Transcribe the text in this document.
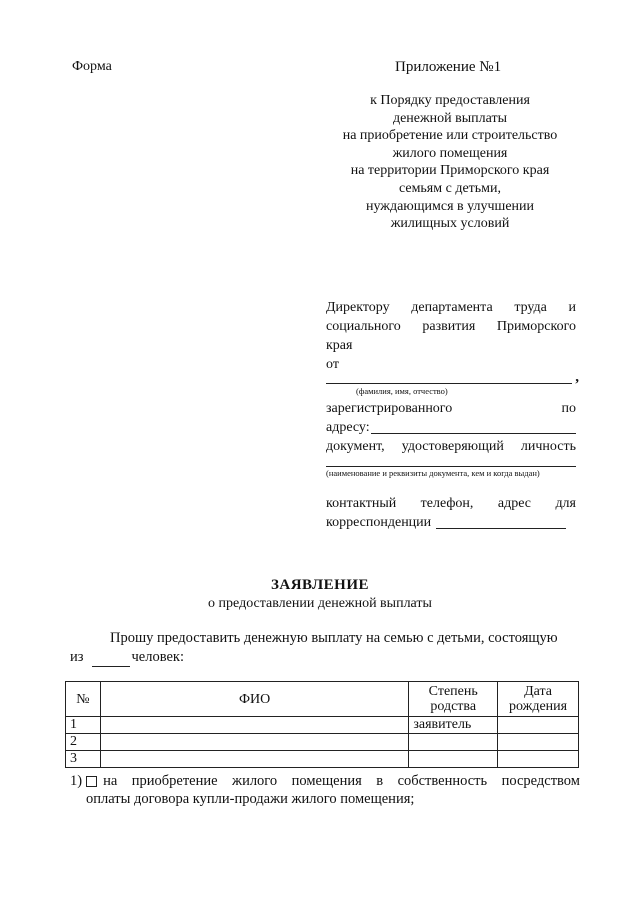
Форма	Приложение №1
к Порядку предоставления
денежной выплаты
на приобретение или строительство
жилого помещения
на территории Приморского края
семьям с детьми,
нуждающимся в улучшении
жилищных условий
Директору департамента труда и
социального развития Приморского
края
от
,
(фамилия, имя, отчество)
зарегистрированного	по
адресу:
документ, удостоверяющий личность
(наименование и реквизиты документа, кем и когда выдан)
контактный телефон, адрес для
корреспонденции
ЗАЯВЛЕНИЕ
о предоставлении денежной выплаты
Прошу предоставить денежную выплату на семью с детьми, состоящую
из	человек:
№	ФИО	Степень родства	Дата рождения
1		заявитель	
2			
3			
1) на приобретение жилого помещения в собственность посредством
оплаты договора купли-продажи жилого помещения;
